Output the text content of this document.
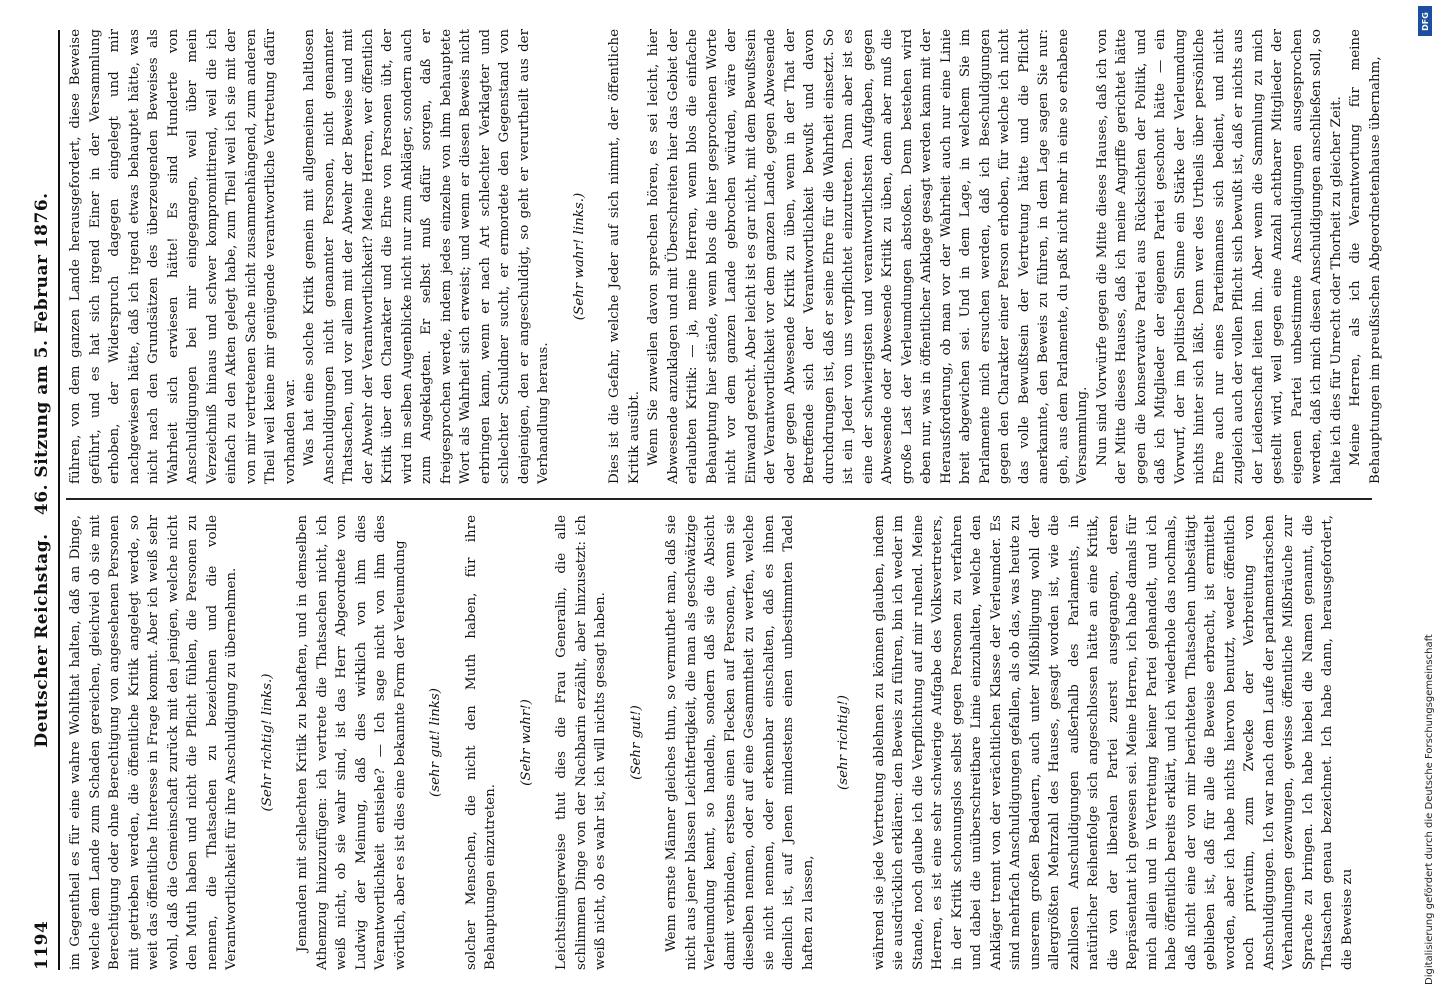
1194
Deutscher Reichstag. 46. Sitzung am 5. Februar 1876.

im Gegentheil es für eine wahre Wohlthat halten, daß an Dinge, welche dem Lande zum Schaden gereichen, gleichviel ob sie mit Berechtigung oder ohne Berechtigung von angesehenen Personen mit getrieben werden, die öffentliche Kritik angelegt werde, so weit das öffentliche Interesse in Frage kommt. Aber ich weiß sehr wohl, daß die Gemeinschaft zurück mit den jenigen, welche nicht den Muth haben und nicht die Pflicht fühlen, die Personen zu nennen, die Thatsachen zu bezeichnen und die volle Verantwortlichkeit für ihre Anschuldigung zu übernehmen. (Sehr richtig! links.) Jemanden mit schlechten Kritik zu behaften, und in demselben Athemzug hinzuzufügen: ich vertrete die Thatsachen nicht, ich weiß nicht, ob sie wahr sind, ist das Herr Abgeordnete von Ludwig der Meinung, daß dies wirklich von ihm dies Verantwortlichkeit entsiehe? — Ich sage nicht von ihm dies wörtlich, aber es ist dies eine bekannte Form der Verleumdung (sehr gut! links) solcher Menschen, die nicht den Muth haben, für ihre Behauptungen einzutreten.

(Sehr wahr!) Leichtsinnigerweise thut dies die Frau Generalin, die alle schlimmen Dinge von der Nachbarin erzählt, aber hinzusetzt: ich weiß nicht, ob es wahr ist, ich will nichts gesagt haben. (Sehr gut!) Wenn ernste Männer gleiches thun, so vermuthet man, daß sie nicht aus jener blassen Leichtfertigkeit, die man als geschwätzige Verleumdung kennt, so handeln, sondern daß sie die Absicht damit verbinden, erstens einen Flecken auf Personen, wenn sie dieselben nennen, oder auf eine Gesammtheit zu werfen, welche sie nicht nennen, oder erkennbar einschalten, daß es ihnen dienlich ist, auf Jenen mindestens einen unbestimmten Tadel haften zu lassen,

(sehr richtig!) während sie jede Vertretung ablehnen zu können glauben, indem sie ausdrücklich erklären: den Beweis zu führen, bin ich weder im Stande, noch glaube ich die Verpflichtung auf mir ruhend. Meine Herren, es ist eine sehr schwierige Aufgabe des Volksvertreters, in der Kritik schonungslos selbst gegen Personen zu verfahren und dabei die unüberschreitbare Linie einzuhalten, welche den Ankläger trennt von der verächtlichen Klasse der Verleumder. Es sind mehrfach Anschuldigungen gefallen, als ob das, was heute zu unserem großen Bedauern, auch unter Mißbilligung wohl der allergrößten Mehrzahl des Hauses, gesagt worden ist, wie die zahllosen Anschuldigungen außerhalb des Parlaments, in natürlicher Reihenfolge sich angeschlossen hätte an eine Kritik, die von der liberalen Partei zuerst ausgegangen, deren Repräsentant ich gewesen sei. Meine Herren, ich habe damals für mich allein und in Vertretung keiner Partei gehandelt, und ich habe öffentlich bereits erklärt, und ich wiederhole das nochmals, daß nicht eine der von mir berichteten Thatsachen unbestätigt geblieben ist, daß für alle die Beweise erbracht, ist ermittelt worden, aber ich habe nichts hiervon benutzt, weder öffentlich noch privatim, zum Zwecke der Verbreitung von Anschuldigungen. Ich war nach dem Laufe der parlamentarischen Verhandlungen gezwungen, gewisse öffentliche Mißbräuche zur Sprache zu bringen. Ich habe hiebei die Namen genannt, die Thatsachen genau bezeichnet. Ich habe dann, herausgefordert, die Beweise zu

führen, von dem ganzen Lande herausgefordert, diese Beweise geführt, und es hat sich irgend Einer in der Versammlung erhoben, der Widerspruch dagegen eingelegt und mir nachgewiesen hätte, daß ich irgend etwas behauptet hätte, was nicht nach den Grundsätzen des überzeugenden Beweises als Wahrheit sich erwiesen hätte! Es sind Hunderte von Anschuldigungen bei mir eingegangen, weil über mein Verzeichniß hinaus und schwer kompromittirend, weil die ich einfach zu den Akten gelegt habe, zum Theil weil ich sie mit der von mir vertretenen Sache nicht zusammenhängend, zum anderen Theil weil keine mir genügende verantwortliche Vertretung dafür vorhanden war. Was hat eine solche Kritik gemein mit allgemeinen haltlosen Anschuldigungen nicht genannter Personen, nicht genannter Thatsachen, und vor allem mit der Abwehr der Beweise und mit der Abwehr der Verantwortlichkeit? Meine Herren, wer öffentlich Kritik über den Charakter und die Ehre von Personen übt, der wird im selben Augenblicke nicht nur zum Ankläger, sondern auch zum Angeklagten. Er selbst muß dafür sorgen, daß er freigesprochen werde, indem jedes einzelne von ihm behauptete Wort als Wahrheit sich erweist; und wenn er diesen Beweis nicht erbringen kann, wenn er nach Art schlechter Verklagter und schlechter Schuldner sucht, er ermordete den Gegenstand von denjenigen, den er angeschuldigt, so geht er verurtheilt aus der Verhandlung heraus.

(Sehr wahr! links.) Dies ist die Gefahr, welche Jeder auf sich nimmt, der öffentliche Kritik ausübt. Wenn Sie zuweilen davon sprechen hören, es sei leicht, hier Abwesende anzuklagen und mit Überschreiten hier das Gebiet der erlaubten Kritik: — ja, meine Herren, wenn blos die einfache Behauptung hier stände, wenn blos die hier gesprochenen Worte nicht vor dem ganzen Lande gebrochen würden, wäre der Einwand gerecht. Aber leicht ist es gar nicht, mit dem Bewußtsein der Verantwortlichkeit vor dem ganzen Lande, gegen Abwesende oder gegen Abwesende Kritik zu üben, wenn in der That der Betreffende sich der Verantwortlichkeit bewußt und davon durchdrungen ist, daß er seine Ehre für die Wahrheit einsetzt. So ist ein Jeder von uns verpflichtet einzutreten. Dann aber ist es eine der schwierigsten und verantwortlichsten Aufgaben, gegen Abwesende oder Abwesende Kritik zu üben, denn aber muß die große Last der Verleumdungen abstoßen. Denn bestehen wird eben nur, was in öffentlicher Anklage gesagt werden kann mit der Herausforderung, ob man vor der Wahrheit auch nur eine Linie breit abgewichen sei. Und in dem Lage, in welchem Sie im Parlamente mich ersuchen werden, daß ich Beschuldigungen gegen den Charakter einer Person erhoben, für welche ich nicht das volle Bewußtsein der Vertretung hätte und die Pflicht anerkannte, den Beweis zu führen, in dem Lage sagen Sie nur: geh, aus dem Parlamente, du paßt nicht mehr in eine so erhabene Versammlung. Nun sind Vorwürfe gegen die Mitte dieses Hauses, daß ich von der Mitte dieses Hauses, daß ich meine Angriffe gerichtet hätte gegen die konservative Partei aus Rücksichten der Politik, und daß ich Mitglieder der eigenen Partei geschont hätte — ein Vorwurf, der im politischen Sinne ein Stärke der Verleumdung nichts hinter sich läßt. Denn wer des Urtheils über persönliche Ehre auch nur eines Parteimannes sich bedient, und nicht zugleich auch der vollen Pflicht sich bewußt ist, daß er nichts aus der Leidenschaft leiten ihn. Aber wenn die Sammlung zu mich gestellt wird, weil gegen eine Anzahl achtbarer Mitglieder der eigenen Partei unbestimmte Anschuldigungen ausgesprochen werden, daß ich mich diesen Anschuldigungen anschließen soll, so halte ich dies für Unrecht oder Thorheit zu gleicher Zeit. Meine Herren, als ich die Verantwortung für meine Behauptungen im preußischen Abgeordnetenhause übernahm,

DFG
Digitalisierung gefördert durch die Deutsche Forschungsgemeinschaft
